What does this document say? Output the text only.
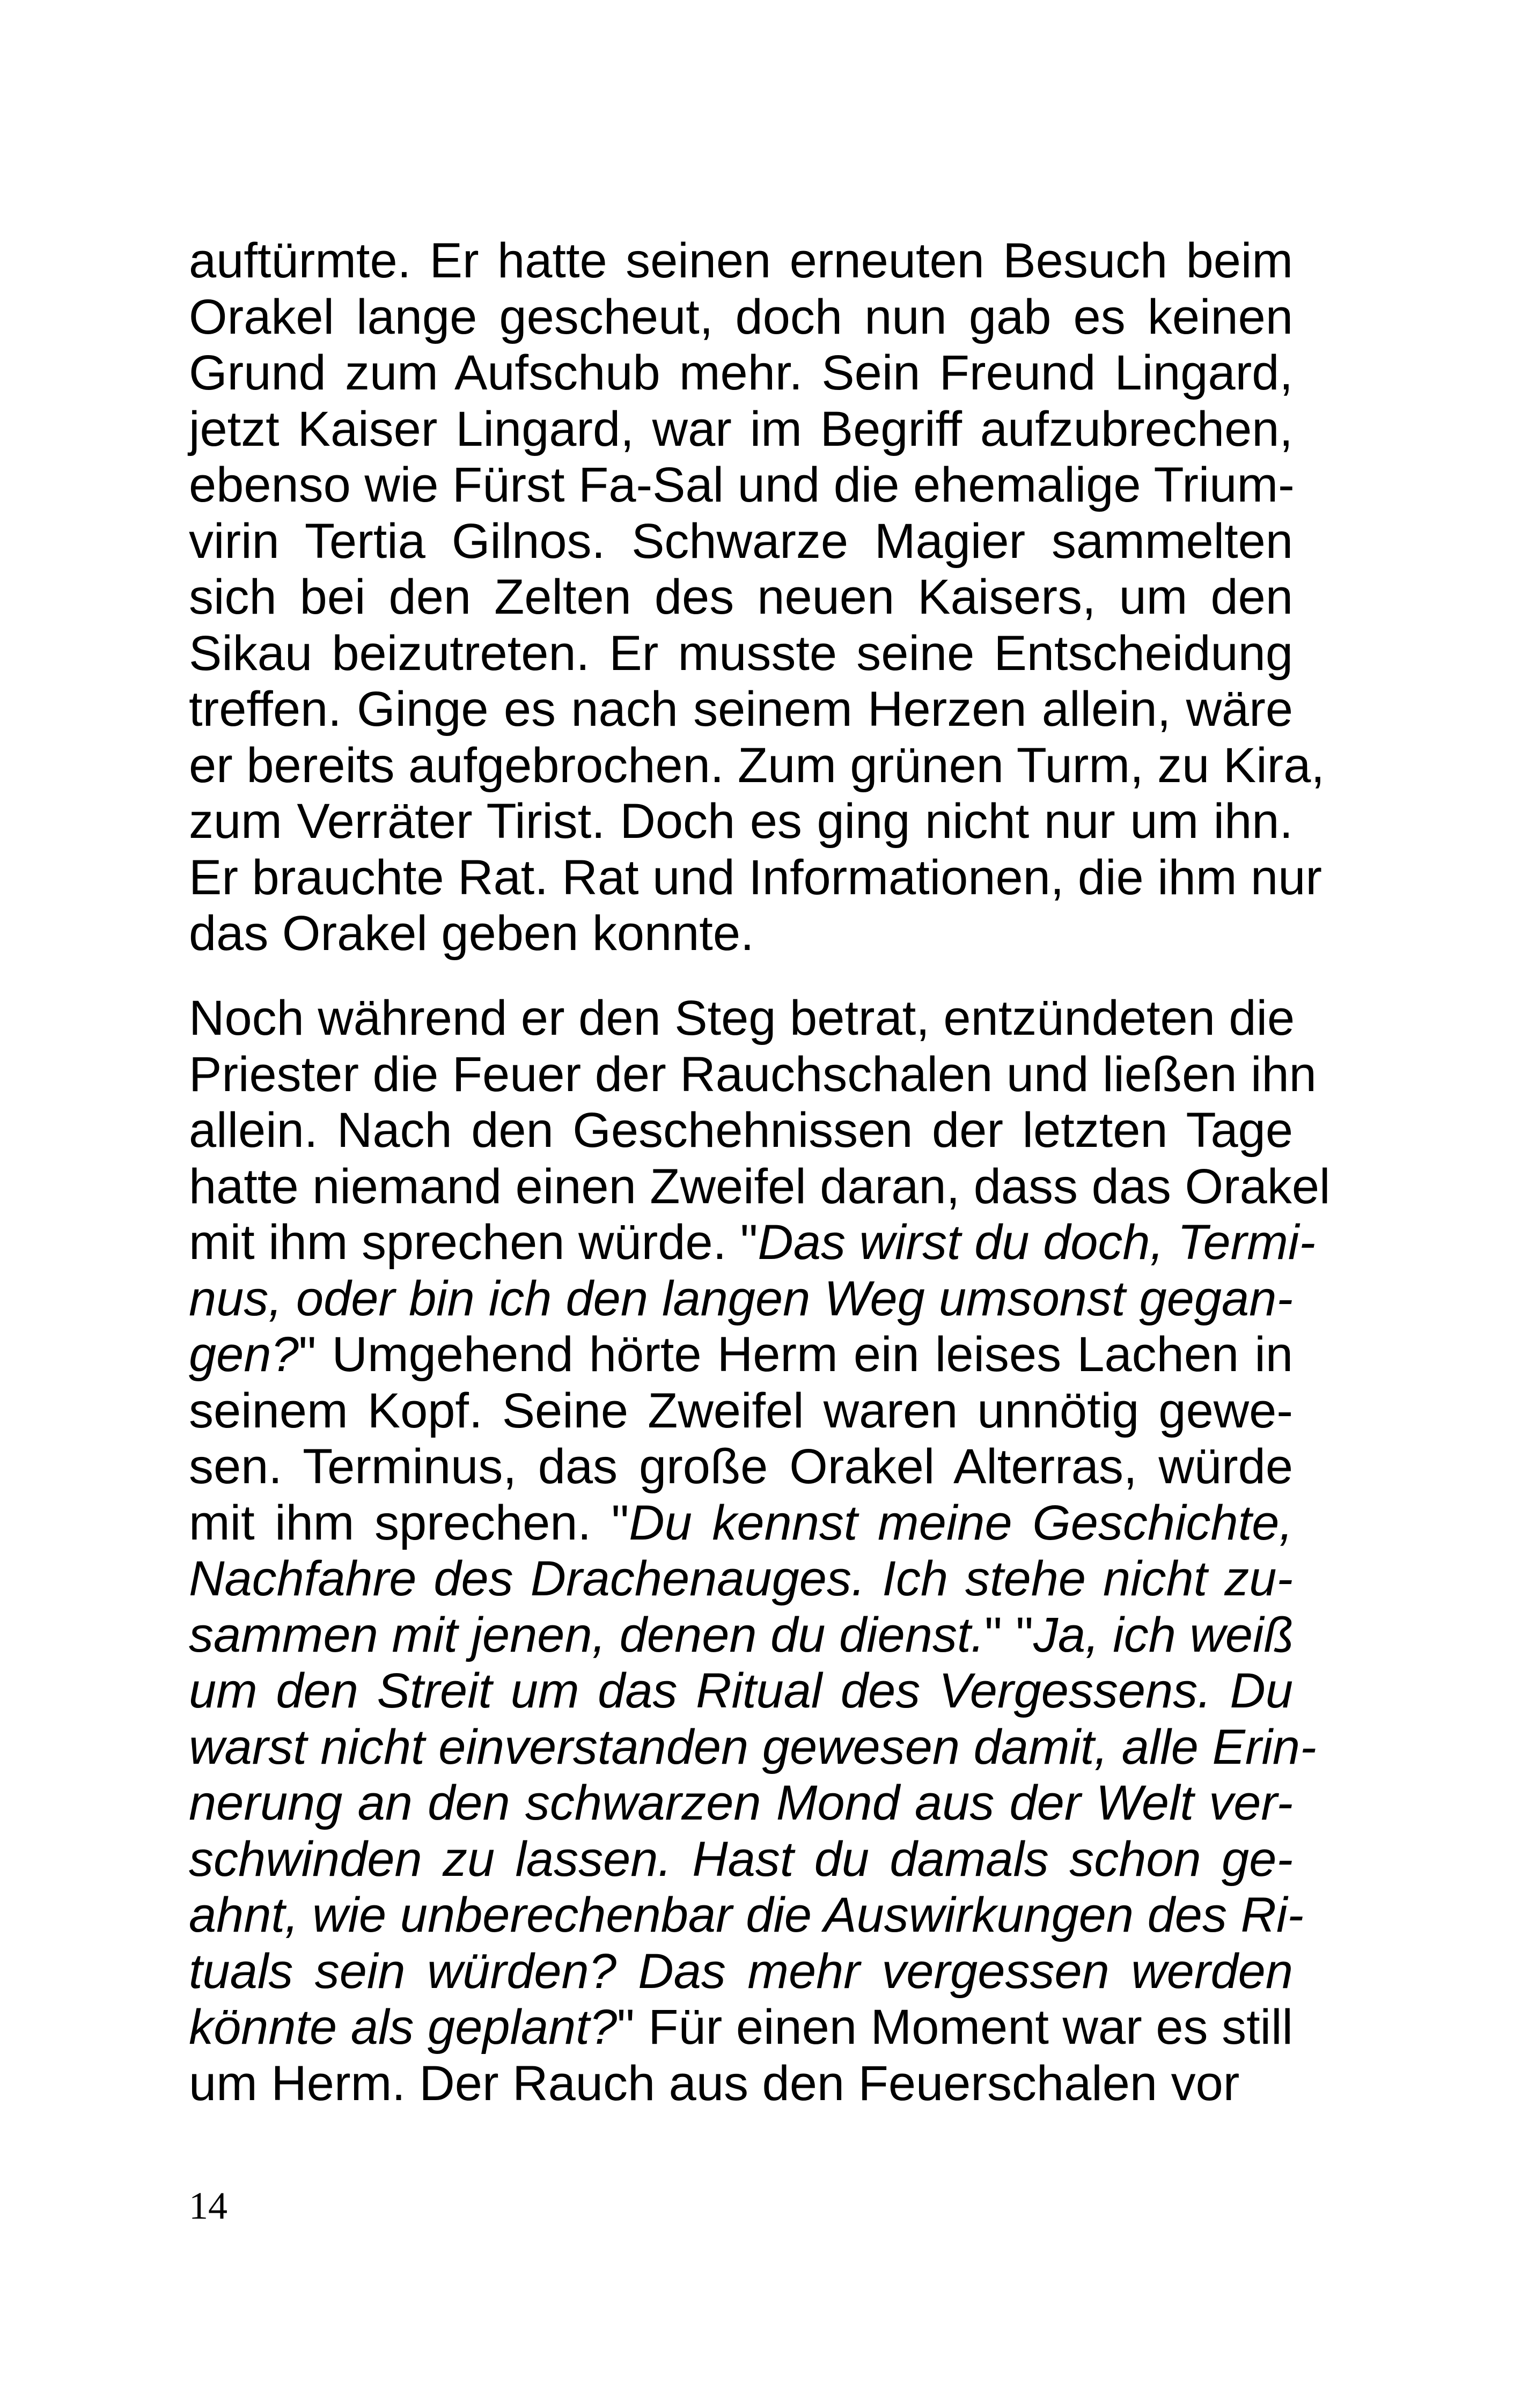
auftürmte. Er hatte seinen erneuten Besuch beim
Orakel lange gescheut, doch nun gab es keinen
Grund zum Aufschub mehr. Sein Freund Lingard,
jetzt Kaiser Lingard, war im Begriff aufzubrechen,
ebenso wie Fürst Fa-Sal und die ehemalige Trium-
virin Tertia Gilnos. Schwarze Magier sammelten
sich bei den Zelten des neuen Kaisers, um den
Sikau beizutreten. Er musste seine Entscheidung
treffen. Ginge es nach seinem Herzen allein, wäre
er bereits aufgebrochen. Zum grünen Turm, zu Kira,
zum Verräter Tirist. Doch es ging nicht nur um ihn.
Er brauchte Rat. Rat und Informationen, die ihm nur
das Orakel geben konnte.
Noch während er den Steg betrat, entzündeten die
Priester die Feuer der Rauchschalen und ließen ihn
allein. Nach den Geschehnissen der letzten Tage
hatte niemand einen Zweifel daran, dass das Orakel
mit ihm sprechen würde. "Das wirst du doch, Termi-
nus, oder bin ich den langen Weg umsonst gegan-
gen?" Umgehend hörte Herm ein leises Lachen in
seinem Kopf. Seine Zweifel waren unnötig gewe-
sen. Terminus, das große Orakel Alterras, würde
mit ihm sprechen. "Du kennst meine Geschichte,
Nachfahre des Drachenauges. Ich stehe nicht zu-
sammen mit jenen, denen du dienst." "Ja, ich weiß
um den Streit um das Ritual des Vergessens. Du
warst nicht einverstanden gewesen damit, alle Erin-
nerung an den schwarzen Mond aus der Welt ver-
schwinden zu lassen. Hast du damals schon ge-
ahnt, wie unberechenbar die Auswirkungen des Ri-
tuals sein würden? Das mehr vergessen werden
könnte als geplant?" Für einen Moment war es still
um Herm. Der Rauch aus den Feuerschalen vor
14
